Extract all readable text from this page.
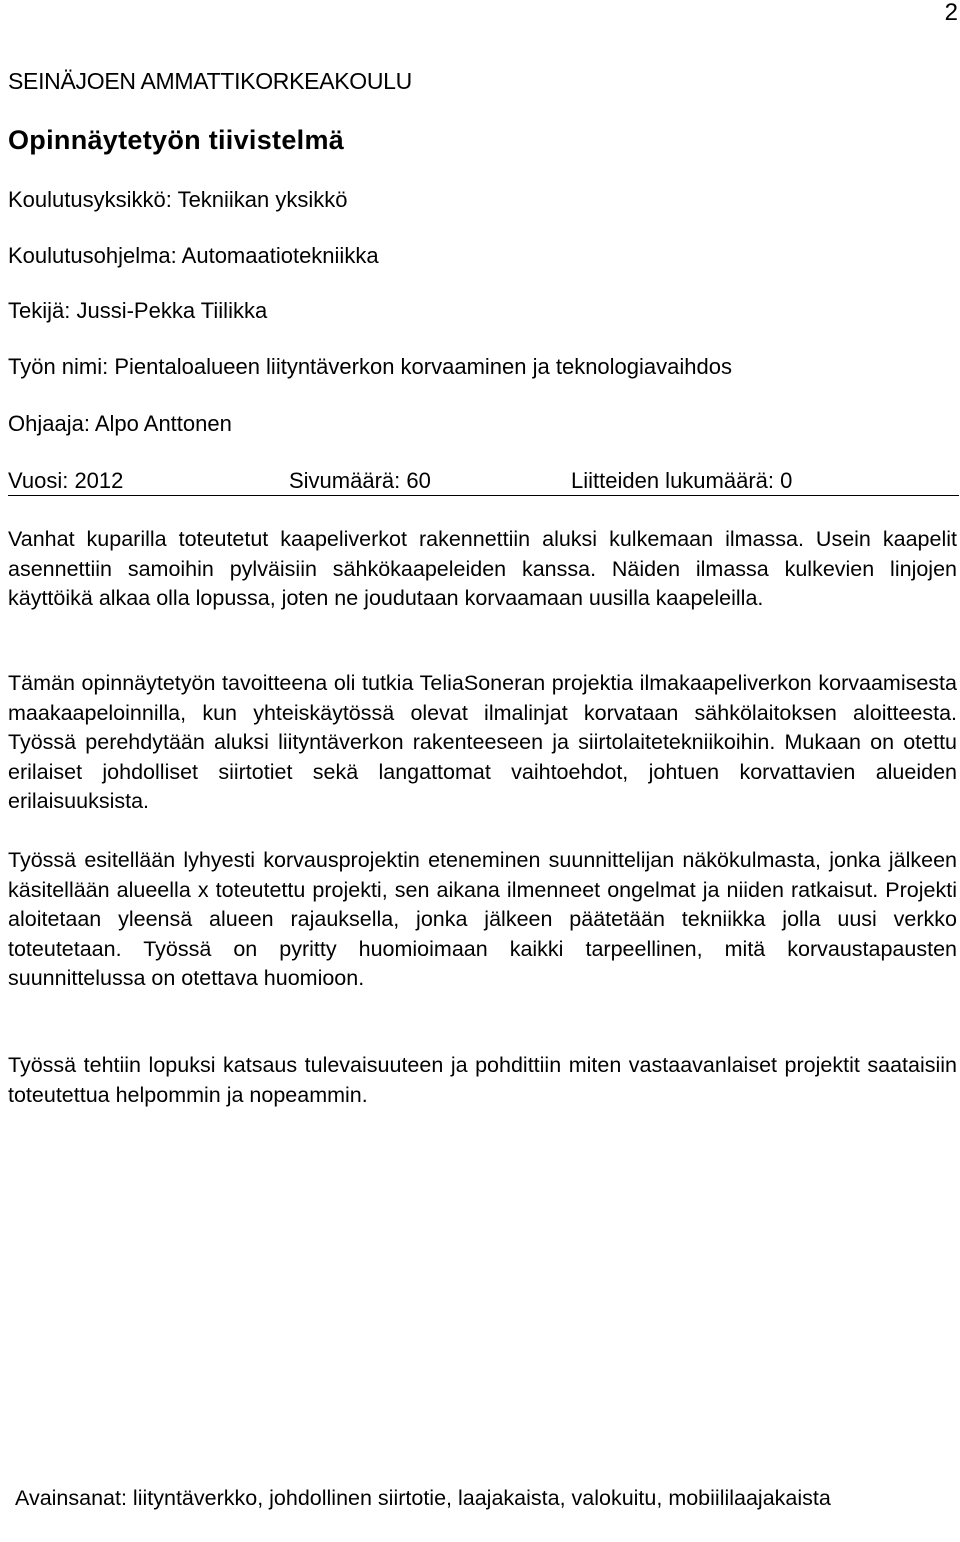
2
SEINÄJOEN AMMATTIKORKEAKOULU
Opinnäytetyön tiivistelmä
Koulutusyksikkö: Tekniikan yksikkö
Koulutusohjelma: Automaatiotekniikka
Tekijä: Jussi-Pekka Tiilikka
Työn nimi: Pientaloalueen liityntäverkon korvaaminen ja teknologiavaihdos
Ohjaaja: Alpo Anttonen
Vuosi: 2012	Sivumäärä: 60	Liitteiden lukumäärä: 0
Vanhat kuparilla toteutetut kaapeliverkot rakennettiin aluksi kulkemaan ilmassa. Usein kaapelit asennettiin samoihin pylväisiin sähkökaapeleiden kanssa. Näiden ilmassa kulkevien linjojen käyttöikä alkaa olla lopussa, joten ne joudutaan korvaamaan uusilla kaapeleilla.
Tämän opinnäytetyön tavoitteena oli tutkia TeliaSoneran projektia ilmakaapeliverkon korvaamisesta maakaapeloinnilla, kun yhteiskäytössä olevat ilmalinjat korvataan sähkölaitoksen aloitteesta. Työssä perehdytään aluksi liityntäverkon rakenteeseen ja siirtolaitetekniikoihin. Mukaan on otettu erilaiset johdolliset siirtotiet sekä langattomat vaihtoehdot, johtuen korvattavien alueiden erilaisuuksista.
Työssä esitellään lyhyesti korvausprojektin eteneminen suunnittelijan näkökulmasta, jonka jälkeen käsitellään alueella x toteutettu projekti, sen aikana ilmenneet ongelmat ja niiden ratkaisut. Projekti aloitetaan yleensä alueen rajauksella, jonka jälkeen päätetään tekniikka jolla uusi verkko toteutetaan. Työssä on pyritty huomioimaan kaikki tarpeellinen, mitä korvaustapausten suunnittelussa on otettava huomioon.
Työssä tehtiin lopuksi katsaus tulevaisuuteen ja pohdittiin miten vastaavanlaiset projektit saataisiin toteutettua helpommin ja nopeammin.
Avainsanat: liityntäverkko, johdollinen siirtotie, laajakaista, valokuitu, mobiililaajakaista
